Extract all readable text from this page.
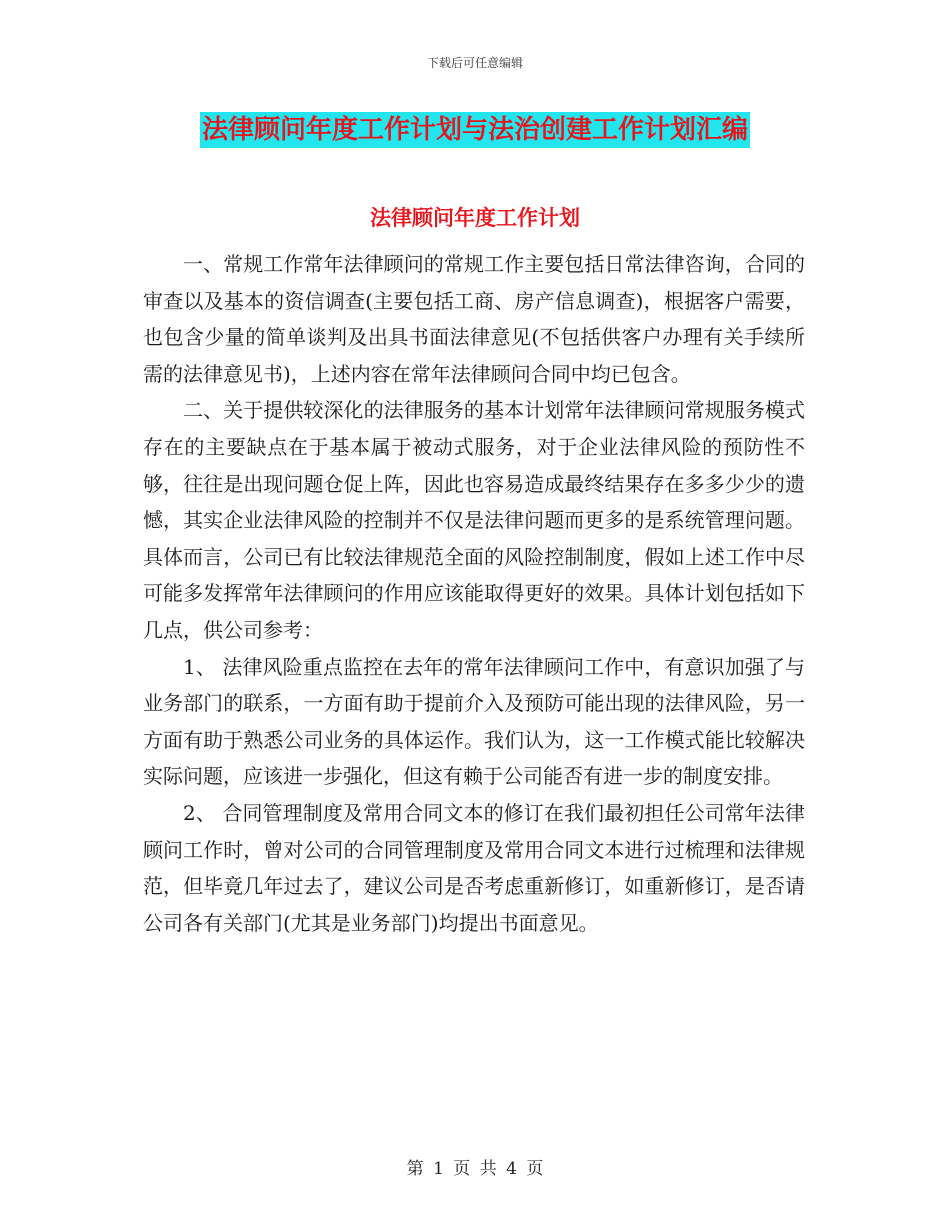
下载后可任意编辑
法律顾问年度工作计划与法治创建工作计划汇编
法律顾问年度工作计划

一、常规工作常年法律顾问的常规工作主要包括日常法律咨询，合同的审查以及基本的资信调查(主要包括工商、房产信息调查)，根据客户需要，也包含少量的简单谈判及出具书面法律意见(不包括供客户办理有关手续所需的法律意见书)，上述内容在常年法律顾问合同中均已包含。

二、关于提供较深化的法律服务的基本计划常年法律顾问常规服务模式存在的主要缺点在于基本属于被动式服务，对于企业法律风险的预防性不够，往往是出现问题仓促上阵，因此也容易造成最终结果存在多多少少的遗憾，其实企业法律风险的控制并不仅是法律问题而更多的是系统管理问题。具体而言，公司已有比较法律规范全面的风险控制制度，假如上述工作中尽可能多发挥常年法律顾问的作用应该能取得更好的效果。具体计划包括如下几点，供公司参考：

1、 法律风险重点监控在去年的常年法律顾问工作中，有意识加强了与业务部门的联系，一方面有助于提前介入及预防可能出现的法律风险，另一方面有助于熟悉公司业务的具体运作。我们认为，这一工作模式能比较解决实际问题，应该进一步强化，但这有赖于公司能否有进一步的制度安排。

2、 合同管理制度及常用合同文本的修订在我们最初担任公司常年法律顾问工作时，曾对公司的合同管理制度及常用合同文本进行过梳理和法律规范，但毕竟几年过去了，建议公司是否考虑重新修订，如重新修订，是否请公司各有关部门(尤其是业务部门)均提出书面意见。

第 1 页 共 4 页
